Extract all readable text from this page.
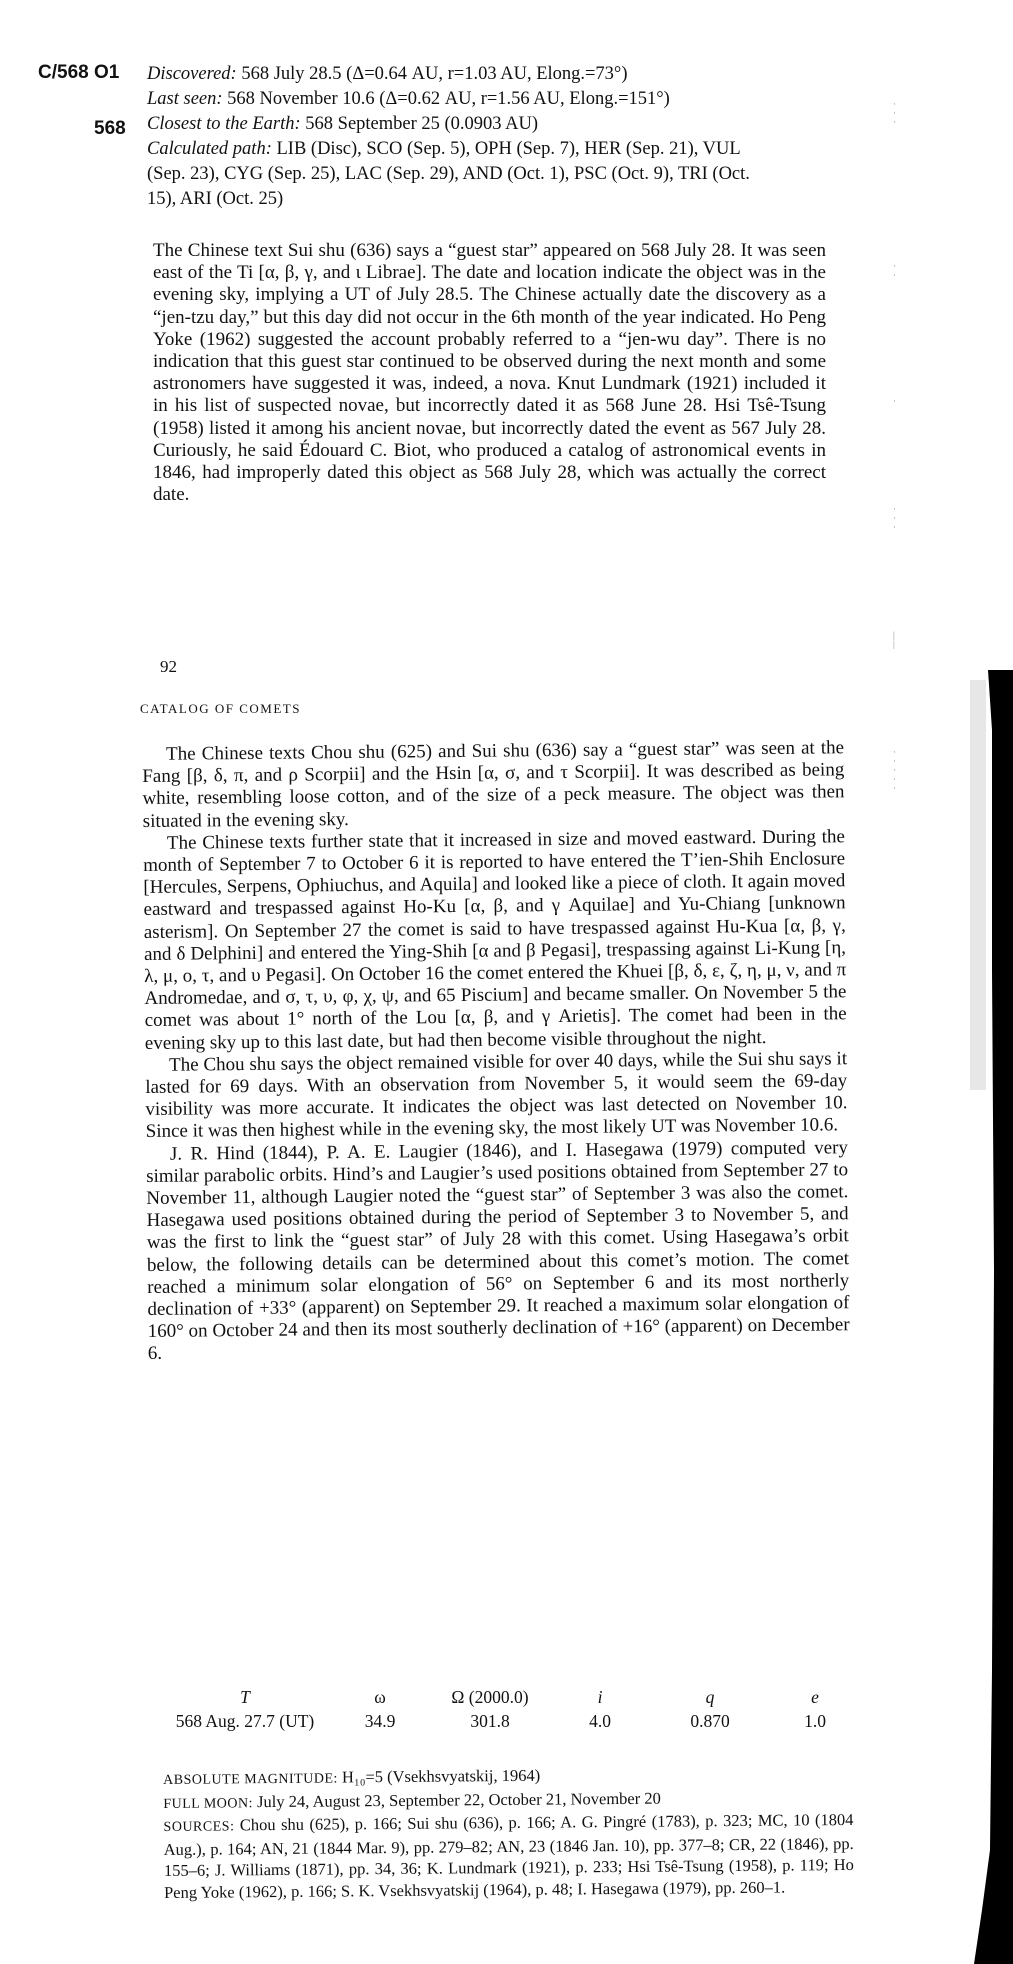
C/568 O1
568
Discovered: 568 July 28.5 (Δ=0.64 AU, r=1.03 AU, Elong.=73°)
Last seen: 568 November 10.6 (Δ=0.62 AU, r=1.56 AU, Elong.=151°)
Closest to the Earth: 568 September 25 (0.0903 AU)
Calculated path: LIB (Disc), SCO (Sep. 5), OPH (Sep. 7), HER (Sep. 21), VUL
(Sep. 23), CYG (Sep. 25), LAC (Sep. 29), AND (Oct. 1), PSC (Oct. 9), TRI (Oct.
15), ARI (Oct. 25)

The Chinese text Sui shu (636) says a “guest star” appeared on 568 July 28. It was seen east of the Ti [α, β, γ, and ι Librae]. The date and location indicate the object was in the evening sky, implying a UT of July 28.5. The Chinese actually date the discovery as a “jen-tzu day,” but this day did not occur in the 6th month of the year indicated. Ho Peng Yoke (1962) suggested the account probably referred to a “jen-wu day”. There is no indication that this guest star continued to be observed during the next month and some astronomers have suggested it was, indeed, a nova. Knut Lundmark (1921) included it in his list of suspected novae, but incorrectly dated it as 568 June 28. Hsi Tsê-Tsung (1958) listed it among his ancient novae, but incorrectly dated the event as 567 July 28. Curiously, he said Édouard C. Biot, who produced a catalog of astronomical events in 1846, had improperly dated this object as 568 July 28, which was actually the correct date.

92
CATALOG OF COMETS

The Chinese texts Chou shu (625) and Sui shu (636) say a “guest star” was seen at the Fang [β, δ, π, and ρ Scorpii] and the Hsin [α, σ, and τ Scorpii]. It was described as being white, resembling loose cotton, and of the size of a peck measure. The object was then situated in the evening sky.

The Chinese texts further state that it increased in size and moved eastward. During the month of September 7 to October 6 it is reported to have entered the T’ien-Shih Enclosure [Hercules, Serpens, Ophiuchus, and Aquila] and looked like a piece of cloth. It again moved eastward and trespassed against Ho-Ku [α, β, and γ Aquilae] and Yu-Chiang [unknown asterism]. On September 27 the comet is said to have trespassed against Hu-Kua [α, β, γ, and δ Delphini] and entered the Ying-Shih [α and β Pegasi], trespassing against Li-Kung [η, λ, μ, ο, τ, and υ Pegasi]. On October 16 the comet entered the Khuei [β, δ, ε, ζ, η, μ, ν, and π Andromedae, and σ, τ, υ, φ, χ, ψ, and 65 Piscium] and became smaller. On November 5 the comet was about 1° north of the Lou [α, β, and γ Arietis]. The comet had been in the evening sky up to this last date, but had then become visible throughout the night.

The Chou shu says the object remained visible for over 40 days, while the Sui shu says it lasted for 69 days. With an observation from November 5, it would seem the 69-day visibility was more accurate. It indicates the object was last detected on November 10. Since it was then highest while in the evening sky, the most likely UT was November 10.6.

J. R. Hind (1844), P. A. E. Laugier (1846), and I. Hasegawa (1979) computed very similar parabolic orbits. Hind’s and Laugier’s used positions obtained from September 27 to November 11, although Laugier noted the “guest star” of September 3 was also the comet. Hasegawa used positions obtained during the period of September 3 to November 5, and was the first to link the “guest star” of July 28 with this comet. Using Hasegawa’s orbit below, the following details can be determined about this comet’s motion. The comet reached a minimum solar elongation of 56° on September 6 and its most northerly declination of +33° (apparent) on September 29. It reached a maximum solar elongation of 160° on October 24 and then its most southerly declination of +16° (apparent) on December 6.

T	ω	Ω (2000.0)	i	q	e
568 Aug. 27.7 (UT)	34.9	301.8	4.0	0.870	1.0

ABSOLUTE MAGNITUDE: H₁₀=5 (Vsekhsvyatskij, 1964)

FULL MOON: July 24, August 23, September 22, October 21, November 20

SOURCES: Chou shu (625), p. 166; Sui shu (636), p. 166; A. G. Pingré (1783), p. 323; MC, 10 (1804 Aug.), p. 164; AN, 21 (1844 Mar. 9), pp. 279–82; AN, 23 (1846 Jan. 10), pp. 377–8; CR, 22 (1846), pp. 155–6; J. Williams (1871), pp. 34, 36; K. Lundmark (1921), p. 233; Hsi Tsê-Tsung (1958), p. 119; Ho Peng Yoke (1962), p. 166; S. K. Vsekhsvyatskij (1964), p. 48; I. Hasegawa (1979), pp. 260–1.

·
·
·

·
·

·

·
·
·

|
|

·
·
·
·
·
